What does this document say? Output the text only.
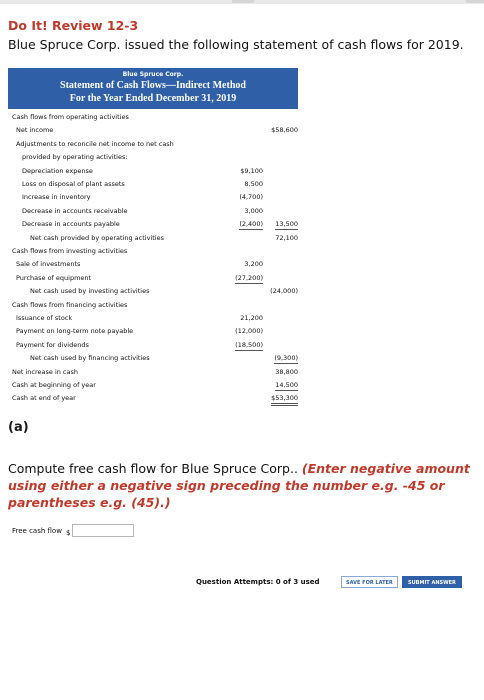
Do It! Review 12-3
Blue Spruce Corp. issued the following statement of cash flows for 2019.
Blue Spruce Corp.
Statement of Cash Flows—Indirect Method
For the Year Ended December 31, 2019
Cash flows from operating activities
Net income	$58,600
Adjustments to reconcile net income to net cash
provided by operating activities:
Depreciation expense	$9,100
Loss on disposal of plant assets	8,500
Increase in inventory	(4,700)
Decrease in accounts receivable	3,000
Decrease in accounts payable	(2,400) 13,500
Net cash provided by operating activities	72,100
Cash flows from investing activities
Sale of investments	3,200
Purchase of equipment	(27,200)
Net cash used by investing activities	(24,000)
Cash flows from financing activities
Issuance of stock	21,200
Payment on long-term note payable	(12,000)
Payment for dividends	(18,500)
Net cash used by financing activities	(9,300)
Net increase in cash	38,800
Cash at beginning of year	14,500
Cash at end of year	$53,300
(a)
Compute free cash flow for Blue Spruce Corp.. (Enter negative amount using either a negative sign preceding the number e.g. -45 or parentheses e.g. (45).)
Free cash flow $
Question Attempts: 0 of 3 used	SAVE FOR LATER	SUBMIT ANSWER
